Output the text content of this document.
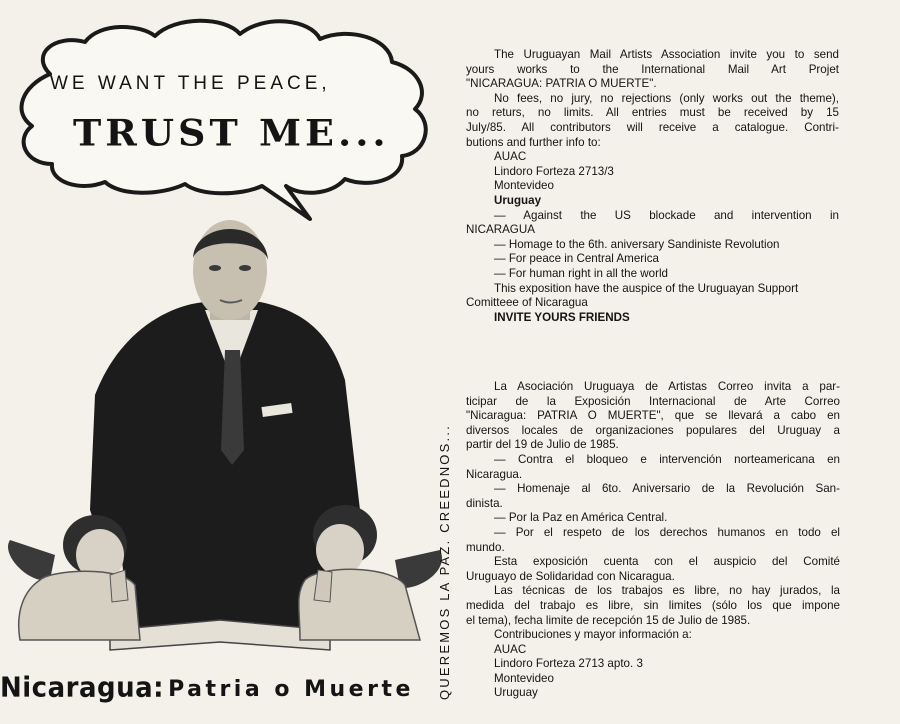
WE WANT THE PEACE,
TRUST ME...
QUEREMOS LA PAZ. CREEDNOS...
Nicaragua: Patria o Muerte

The Uruguayan Mail Artists Association invite you to send

yours works to the International Mail Art Projet

"NICARAGUA: PATRIA O MUERTE".

No fees, no jury, no rejections (only works out the theme),

no returs, no limits. All entries must be received by 15

July/85. All contributors will receive a catalogue. Contri-

butions and further info to:

AUAC

Lindoro Forteza 2713/3

Montevideo

Uruguay

— Against the US blockade and intervention in

NICARAGUA

— Homage to the 6th. aniversary Sandiniste Revolution

— For peace in Central America

— For human right in all the world

This exposition have the auspice of the Uruguayan Support

Comitteee of Nicaragua

INVITE YOURS FRIENDS

La Asociación Uruguaya de Artistas Correo invita a par-

ticipar de la Exposición Internacional de Arte Correo

"Nicaragua: PATRIA O MUERTE", que se llevará a cabo en

diversos locales de organizaciones populares del Uruguay a

partir del 19 de Julio de 1985.

— Contra el bloqueo e intervención norteamericana en

Nicaragua.

— Homenaje al 6to. Aniversario de la Revolución San-

dinista.

— Por la Paz en América Central.

— Por el respeto de los derechos humanos en todo el

mundo.

Esta exposición cuenta con el auspicio del Comité

Uruguayo de Solidaridad con Nicaragua.

Las técnicas de los trabajos es libre, no hay jurados, la

medida del trabajo es libre, sin limites (sólo los que impone

el tema), fecha limite de recepción 15 de Julio de 1985.

Contribuciones y mayor información a:

AUAC

Lindoro Forteza 2713 apto. 3

Montevideo

Uruguay
